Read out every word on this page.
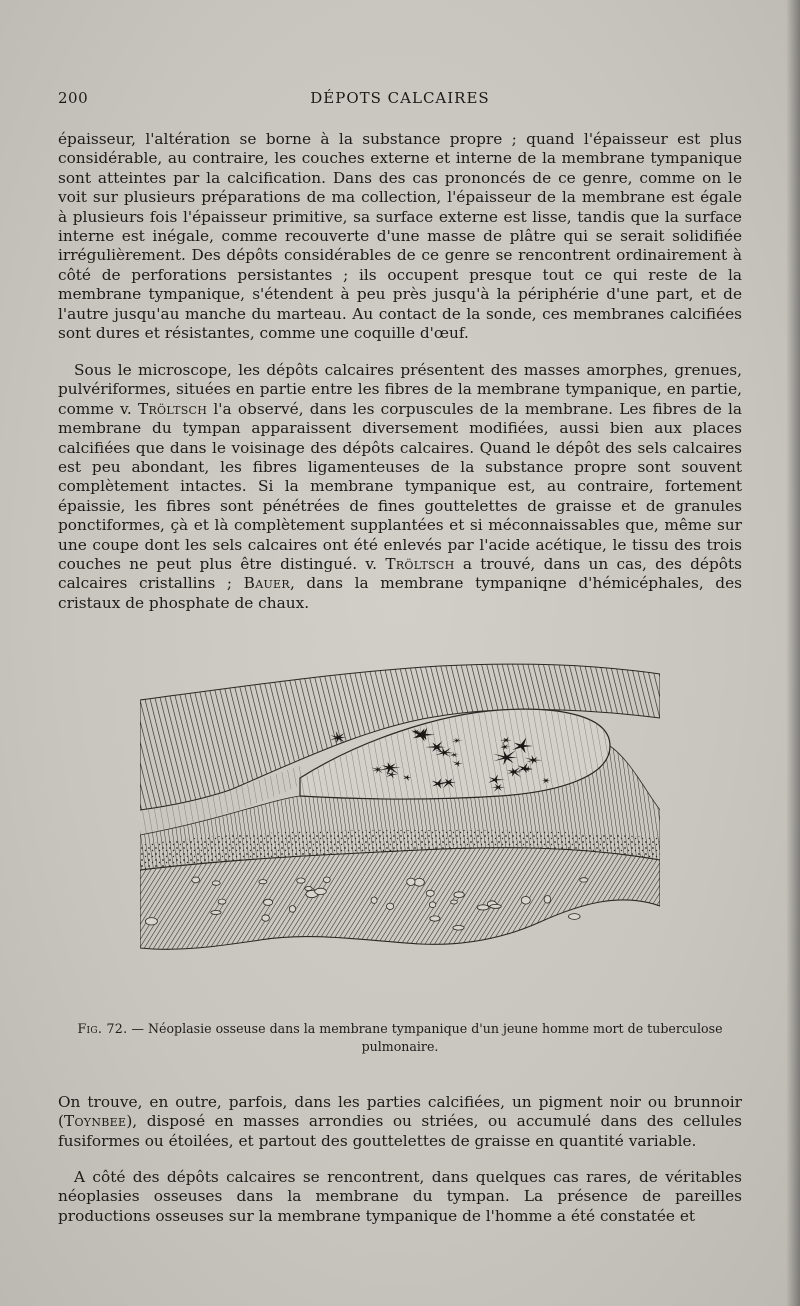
200	DÉPOTS CALCAIRES

épaisseur, l'altération se borne à la substance propre ; quand l'épaisseur est plus considérable, au contraire, les couches externe et interne de la membrane tympanique sont atteintes par la calcification. Dans des cas prononcés de ce genre, comme on le voit sur plusieurs préparations de ma collection, l'épaisseur de la membrane est égale à plusieurs fois l'épaisseur primitive, sa surface externe est lisse, tandis que la surface interne est inégale, comme recouverte d'une masse de plâtre qui se serait solidifiée irrégulièrement. Des dépôts considérables de ce genre se rencontrent ordinairement à côté de perforations persistantes ; ils occupent presque tout ce qui reste de la membrane tympanique, s'étendent à peu près jusqu'à la périphérie d'une part, et de l'autre jusqu'au manche du marteau. Au contact de la sonde, ces membranes calcifiées sont dures et résistantes, comme une coquille d'œuf.

Sous le microscope, les dépôts calcaires présentent des masses amorphes, grenues, pulvériformes, situées en partie entre les fibres de la membrane tympanique, en partie, comme v. Tröltsch l'a observé, dans les corpuscules de la membrane. Les fibres de la membrane du tympan apparaissent diversement modifiées, aussi bien aux places calcifiées que dans le voisinage des dépôts calcaires. Quand le dépôt des sels calcaires est peu abondant, les fibres ligamenteuses de la substance propre sont souvent complètement intactes. Si la membrane tympanique est, au contraire, fortement épaissie, les fibres sont pénétrées de fines gouttelettes de graisse et de granules ponctiformes, çà et là complètement supplantées et si méconnaissables que, même sur une coupe dont les sels calcaires ont été enlevés par l'acide acétique, le tissu des trois couches ne peut plus être distingué. v. Tröltsch a trouvé, dans un cas, des dépôts calcaires cristallins ; Bauer, dans la membrane tympaniqne d'hémicéphales, des cristaux de phosphate de chaux.

Fig. 72. — Néoplasie osseuse dans la membrane tympanique d'un jeune homme mort de tuberculose pulmonaire.

On trouve, en outre, parfois, dans les parties calcifiées, un pigment noir ou brunnoir (Toynbee), disposé en masses arrondies ou striées, ou accumulé dans des cellules fusiformes ou étoilées, et partout des gouttelettes de graisse en quantité variable.

A côté des dépôts calcaires se rencontrent, dans quelques cas rares, de véritables néoplasies osseuses dans la membrane du tympan. La présence de pareilles productions osseuses sur la membrane tympanique de l'homme a été constatée et
